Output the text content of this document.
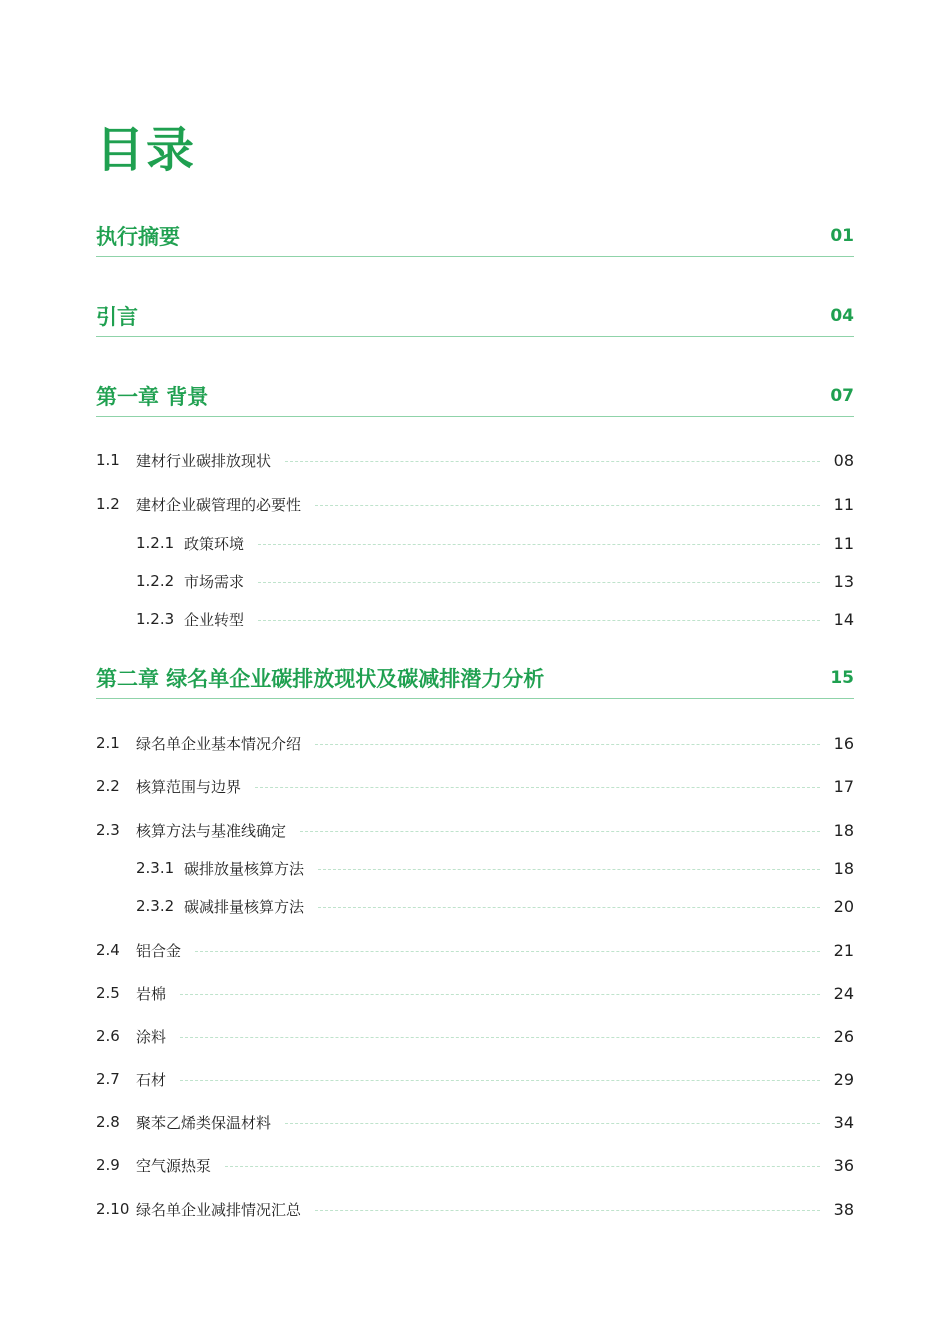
目录
执行摘要	01
引言	04
第一章 背景	07
1.1	建材行业碳排放现状	08
1.2	建材企业碳管理的必要性	11
1.2.1 政策环境	11
1.2.2 市场需求	13
1.2.3 企业转型	14
第二章 绿名单企业碳排放现状及碳减排潜力分析	15
2.1	绿名单企业基本情况介绍	16
2.2	核算范围与边界	17
2.3	核算方法与基准线确定	18
2.3.1 碳排放量核算方法	18
2.3.2 碳减排量核算方法	20
2.4	铝合金	21
2.5	岩棉	24
2.6	涂料	26
2.7	石材	29
2.8	聚苯乙烯类保温材料	34
2.9	空气源热泵	36
2.10 绿名单企业减排情况汇总	38
